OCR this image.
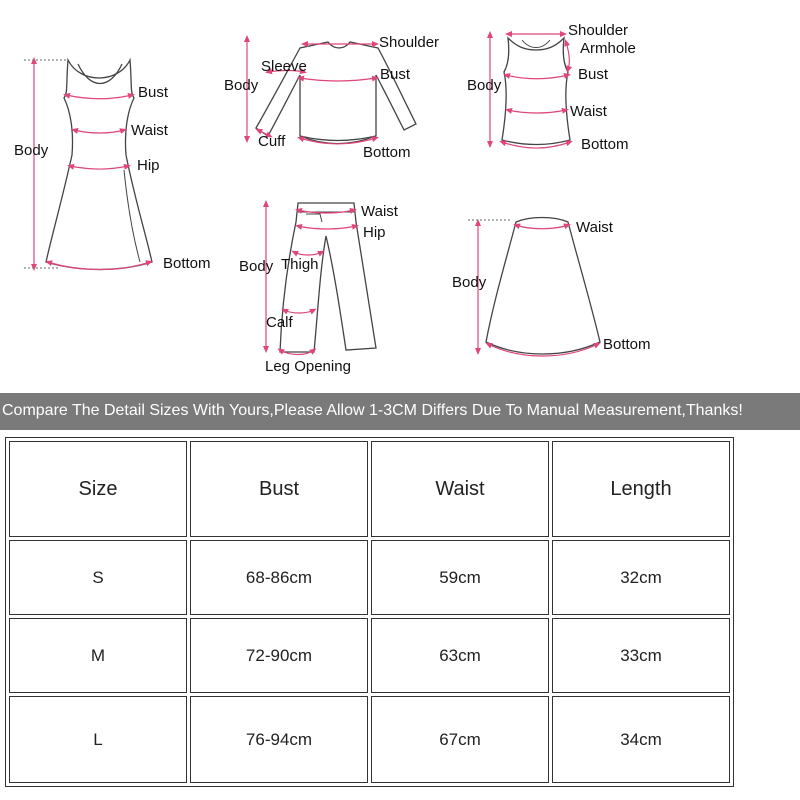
Body
Bust
Waist
Hip
Bottom
Shoulder
Sleeve
Body
Bust
Cuff
Bottom
Shoulder
Armhole
Body
Bust
Waist
Bottom
Waist
Hip
Body Thigh
Calf
Leg Opening
Waist
Body
Bottom
Compare The Detail Sizes With Yours,Please Allow 1-3CM Differs Due To Manual Measurement,Thanks!
Size	Bust	Waist	Length
S	68-86cm	59cm	32cm
M	72-90cm	63cm	33cm
L	76-94cm	67cm	34cm
